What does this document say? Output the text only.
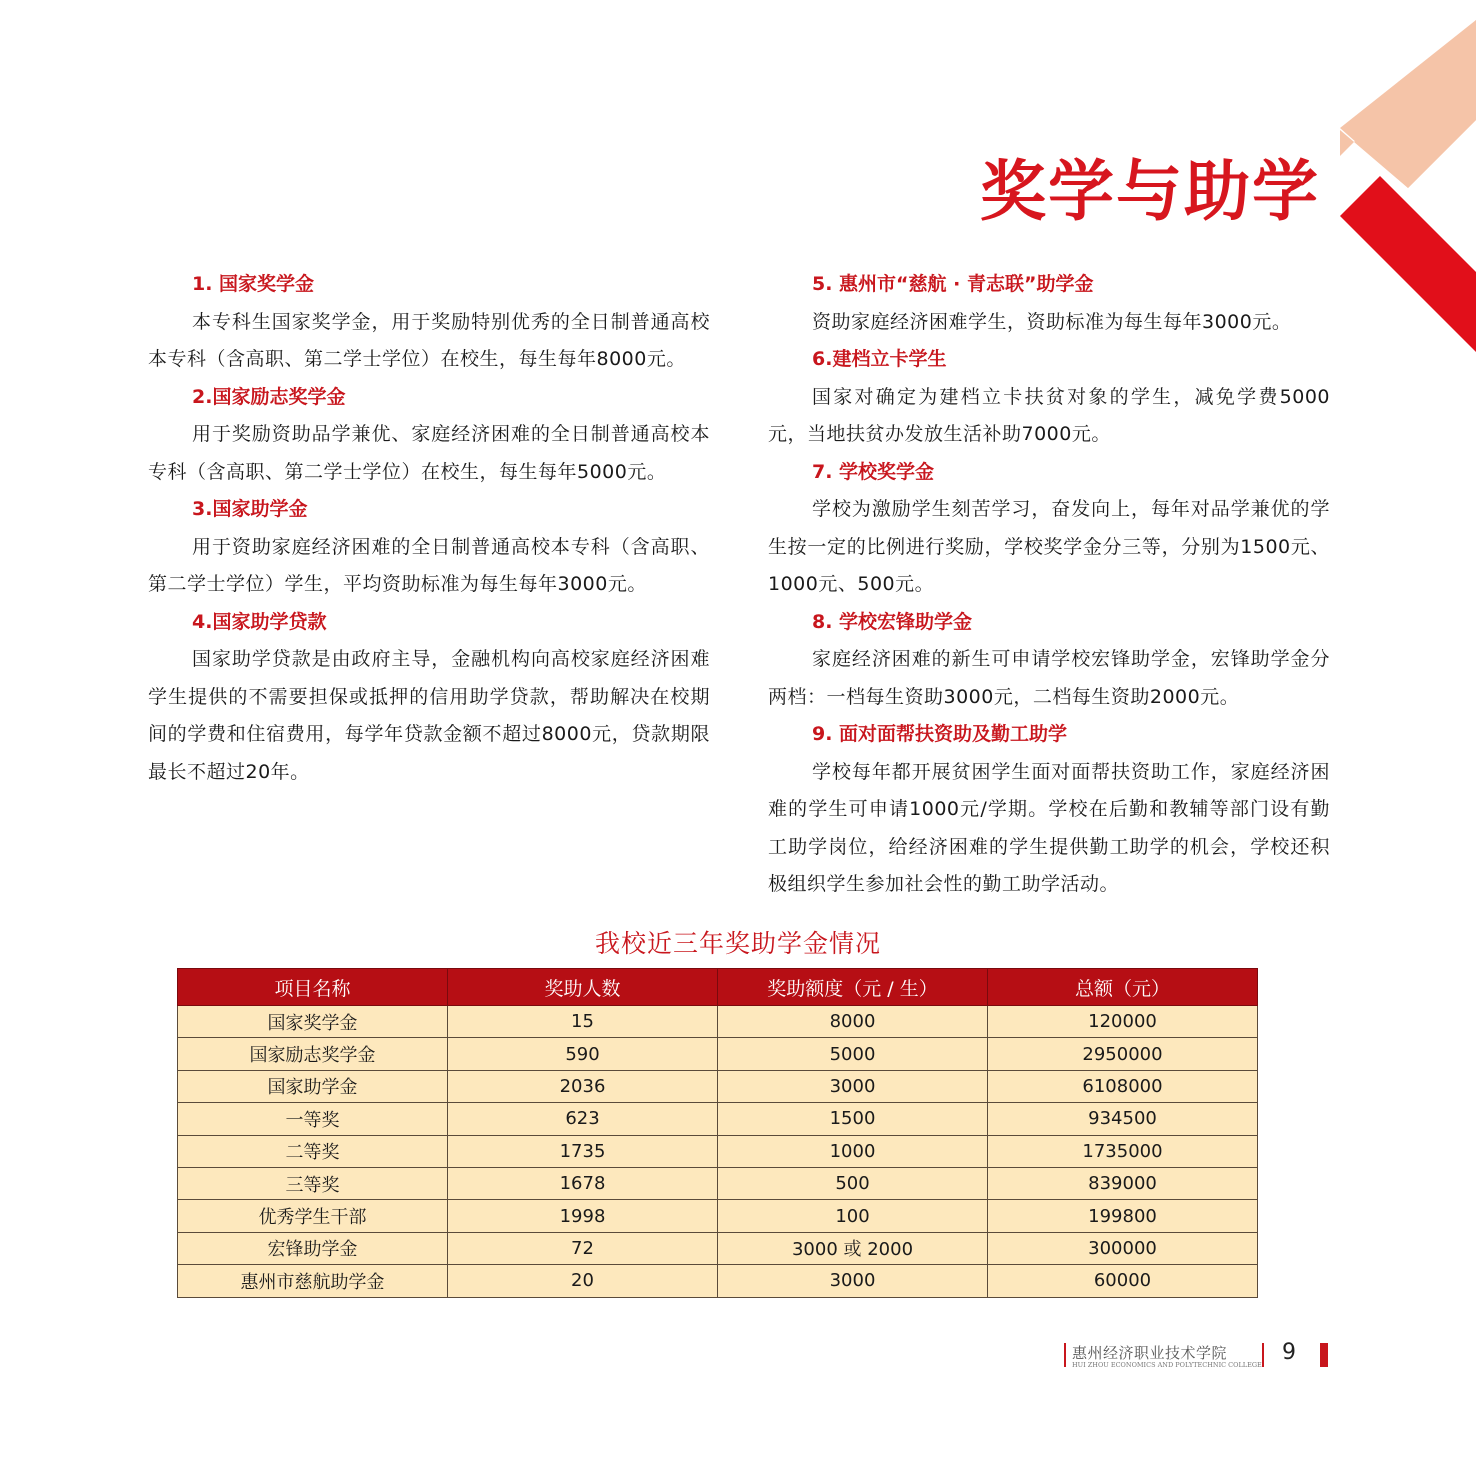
奖学与助学
1. 国家奖学金

本专科生国家奖学金，用于奖励特别优秀的全日制普通高校本专科（含高职、第二学士学位）在校生，每生每年8000元。

2.国家励志奖学金

用于奖励资助品学兼优、家庭经济困难的全日制普通高校本专科（含高职、第二学士学位）在校生，每生每年5000元。

3.国家助学金

用于资助家庭经济困难的全日制普通高校本专科（含高职、第二学士学位）学生，平均资助标准为每生每年3000元。

4.国家助学贷款

国家助学贷款是由政府主导，金融机构向高校家庭经济困难学生提供的不需要担保或抵押的信用助学贷款，帮助解决在校期间的学费和住宿费用，每学年贷款金额不超过8000元，贷款期限最长不超过20年。

5. 惠州市“慈航 · 青志联”助学金

资助家庭经济困难学生，资助标准为每生每年3000元。

6.建档立卡学生

国家对确定为建档立卡扶贫对象的学生，减免学费5000元，当地扶贫办发放生活补助7000元。

7. 学校奖学金

学校为激励学生刻苦学习，奋发向上，每年对品学兼优的学生按一定的比例进行奖励，学校奖学金分三等，分别为1500元、1000元、500元。

8. 学校宏锋助学金

家庭经济困难的新生可申请学校宏锋助学金，宏锋助学金分两档：一档每生资助3000元，二档每生资助2000元。

9. 面对面帮扶资助及勤工助学

学校每年都开展贫困学生面对面帮扶资助工作，家庭经济困难的学生可申请1000元/学期。学校在后勤和教辅等部门设有勤工助学岗位，给经济困难的学生提供勤工助学的机会，学校还积极组织学生参加社会性的勤工助学活动。

我校近三年奖助学金情况
项目名称	奖助人数	奖助额度（元 / 生）	总额（元）
国家奖学金	15	8000	120000
国家励志奖学金	590	5000	2950000
国家助学金	2036	3000	6108000
一等奖	623	1500	934500
二等奖	1735	1000	1735000
三等奖	1678	500	839000
优秀学生干部	1998	100	199800
宏锋助学金	72	3000 或 2000	300000
惠州市慈航助学金	20	3000	60000
惠州经济职业技术学院
HUI ZHOU ECONOMICS AND POLYTECHNIC COLLEGE 9
